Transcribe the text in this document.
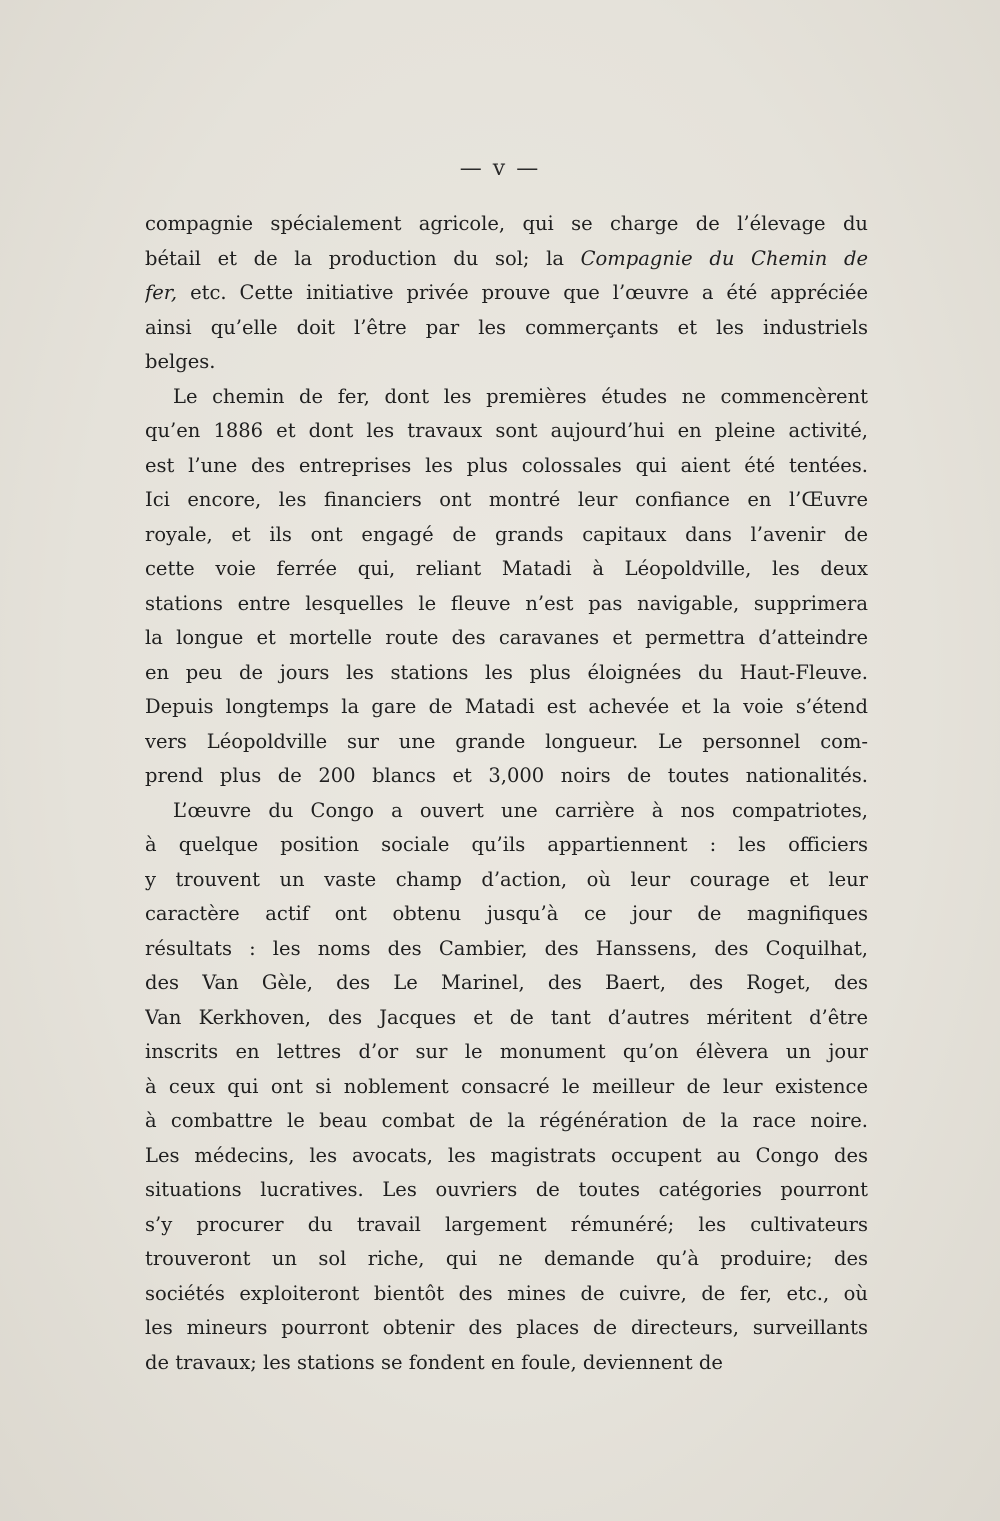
— v —
compagnie spécialement agricole, qui se charge de l’élevage du
bétail et de la production du sol; la Compagnie du Chemin de
fer, etc. Cette initiative privée prouve que l’œuvre a été appréciée
ainsi qu’elle doit l’être par les commerçants et les industriels
belges.
Le chemin de fer, dont les premières études ne commencèrent
qu’en 1886 et dont les travaux sont aujourd’hui en pleine activité,
est l’une des entreprises les plus colossales qui aient été tentées.
Ici encore, les financiers ont montré leur confiance en l’Œuvre
royale, et ils ont engagé de grands capitaux dans l’avenir de
cette voie ferrée qui, reliant Matadi à Léopoldville, les deux
stations entre lesquelles le fleuve n’est pas navigable, supprimera
la longue et mortelle route des caravanes et permettra d’atteindre
en peu de jours les stations les plus éloignées du Haut-Fleuve.
Depuis longtemps la gare de Matadi est achevée et la voie s’étend
vers Léopoldville sur une grande longueur. Le personnel com-
prend plus de 200 blancs et 3,000 noirs de toutes nationalités.
L’œuvre du Congo a ouvert une carrière à nos compatriotes,
à quelque position sociale qu’ils appartiennent : les officiers
y trouvent un vaste champ d’action, où leur courage et leur
caractère actif ont obtenu jusqu’à ce jour de magnifiques
résultats : les noms des Cambier, des Hanssens, des Coquilhat,
des Van Gèle, des Le Marinel, des Baert, des Roget, des
Van Kerkhoven, des Jacques et de tant d’autres méritent d’être
inscrits en lettres d’or sur le monument qu’on élèvera un jour
à ceux qui ont si noblement consacré le meilleur de leur existence
à combattre le beau combat de la régénération de la race noire.
Les médecins, les avocats, les magistrats occupent au Congo des
situations lucratives. Les ouvriers de toutes catégories pourront
s’y procurer du travail largement rémunéré; les cultivateurs
trouveront un sol riche, qui ne demande qu’à produire; des
sociétés exploiteront bientôt des mines de cuivre, de fer, etc., où
les mineurs pourront obtenir des places de directeurs, surveillants
de travaux; les stations se fondent en foule, deviennent de
